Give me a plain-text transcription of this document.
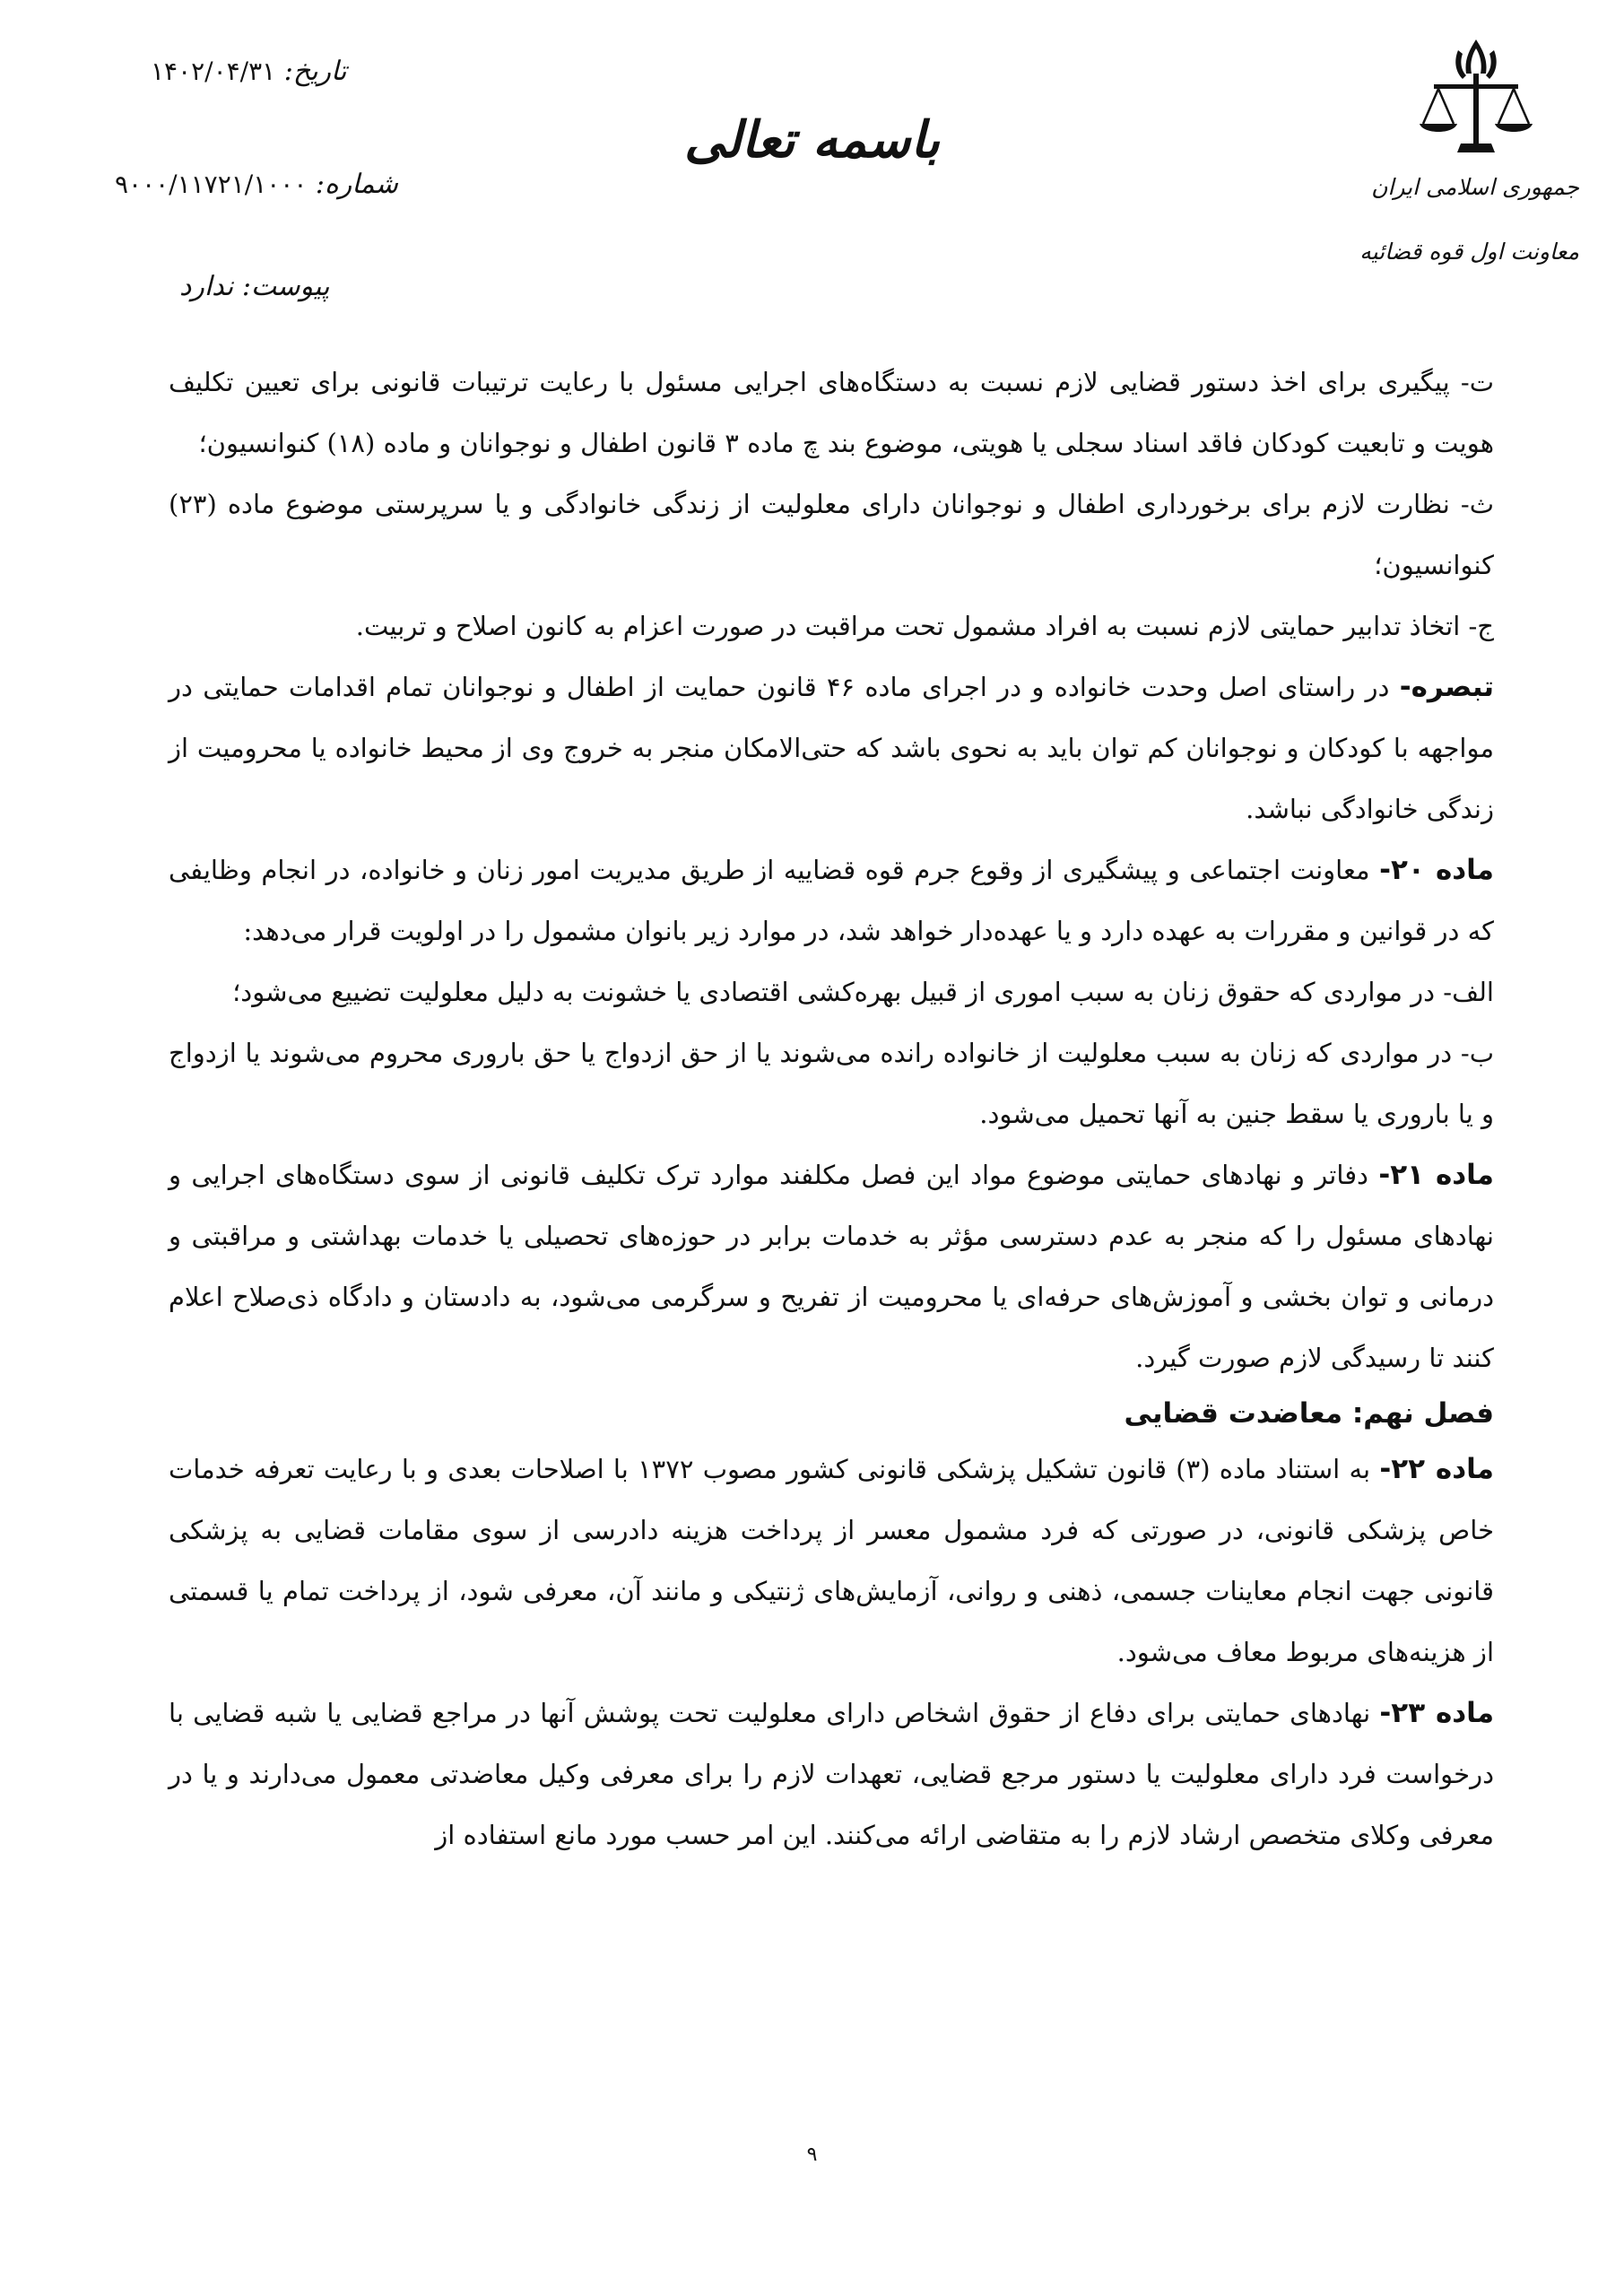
جمهوری اسلامی ایران
معاونت اول قوه قضائیه
باسمه تعالی
تاریخ: ۱۴۰۲/۰۴/۳۱
شماره: ۹۰۰۰/۱۱۷۲۱/۱۰۰۰
پیوست: ندارد

ت- پیگیری برای اخذ دستور قضایی لازم نسبت به دستگاه‌های اجرایی مسئول با رعایت ترتیبات قانونی برای تعیین تکلیف هویت و تابعیت کودکان فاقد اسناد سجلی یا هویتی، موضوع بند چ ماده ۳ قانون اطفال و نوجوانان و ماده (۱۸) کنوانسیون؛

ث- نظارت لازم برای برخورداری اطفال و نوجوانان دارای معلولیت از زندگی خانوادگی و یا سرپرستی موضوع ماده (۲۳) کنوانسیون؛

ج- اتخاذ تدابیر حمایتی لازم نسبت به افراد مشمول تحت مراقبت در صورت اعزام به کانون اصلاح و تربیت.

تبصره- در راستای اصل وحدت خانواده و در اجرای ماده ۴۶ قانون حمایت از اطفال و نوجوانان تمام اقدامات حمایتی در مواجهه با کودکان و نوجوانان کم توان باید به نحوی باشد که حتی‌الامکان منجر به خروج وی از محیط خانواده یا محرومیت از زندگی خانوادگی نباشد.

ماده ۲۰- معاونت اجتماعی و پیشگیری از وقوع جرم قوه قضاییه از طریق مدیریت امور زنان و خانواده، در انجام وظایفی که در قوانین و مقررات به عهده دارد و یا عهده‌دار خواهد شد، در موارد زیر بانوان مشمول را در اولویت قرار می‌دهد:

الف- در مواردی که حقوق زنان به سبب اموری از قبیل بهره‌کشی اقتصادی یا خشونت به دلیل معلولیت تضییع می‌شود؛

ب- در مواردی که زنان به سبب معلولیت از خانواده رانده می‌شوند یا از حق ازدواج یا حق باروری محروم می‌شوند یا ازدواج و یا باروری یا سقط جنین به آنها تحمیل می‌شود.

ماده ۲۱- دفاتر و نهادهای حمایتی موضوع مواد این فصل مکلفند موارد ترک تکلیف قانونی از سوی دستگاه‌های اجرایی و نهادهای مسئول را که منجر به عدم دسترسی مؤثر به خدمات برابر در حوزه‌های تحصیلی یا خدمات بهداشتی و مراقبتی و درمانی و توان بخشی و آموزش‌های حرفه‌ای یا محرومیت از تفریح و سرگرمی می‌شود، به دادستان و دادگاه ذی‌صلاح اعلام کنند تا رسیدگی لازم صورت گیرد.

فصل نهم: معاضدت قضایی

ماده ۲۲- به استناد ماده (۳) قانون تشکیل پزشکی قانونی کشور مصوب ۱۳۷۲ با اصلاحات بعدی و با رعایت تعرفه خدمات خاص پزشکی قانونی، در صورتی که فرد مشمول معسر از پرداخت هزینه دادرسی از سوی مقامات قضایی به پزشکی قانونی جهت انجام معاینات جسمی، ذهنی و روانی، آزمایش‌های ژنتیکی و مانند آن، معرفی شود، از پرداخت تمام یا قسمتی از هزینه‌های مربوط معاف می‌شود.

ماده ۲۳- نهادهای حمایتی برای دفاع از حقوق اشخاص دارای معلولیت تحت پوشش آنها در مراجع قضایی یا شبه قضایی با درخواست فرد دارای معلولیت یا دستور مرجع قضایی، تعهدات لازم را برای معرفی وکیل معاضدتی معمول می‌دارند و یا در معرفی وکلای متخصص ارشاد لازم را به متقاضی ارائه می‌کنند. این امر حسب مورد مانع استفاده از

۹
